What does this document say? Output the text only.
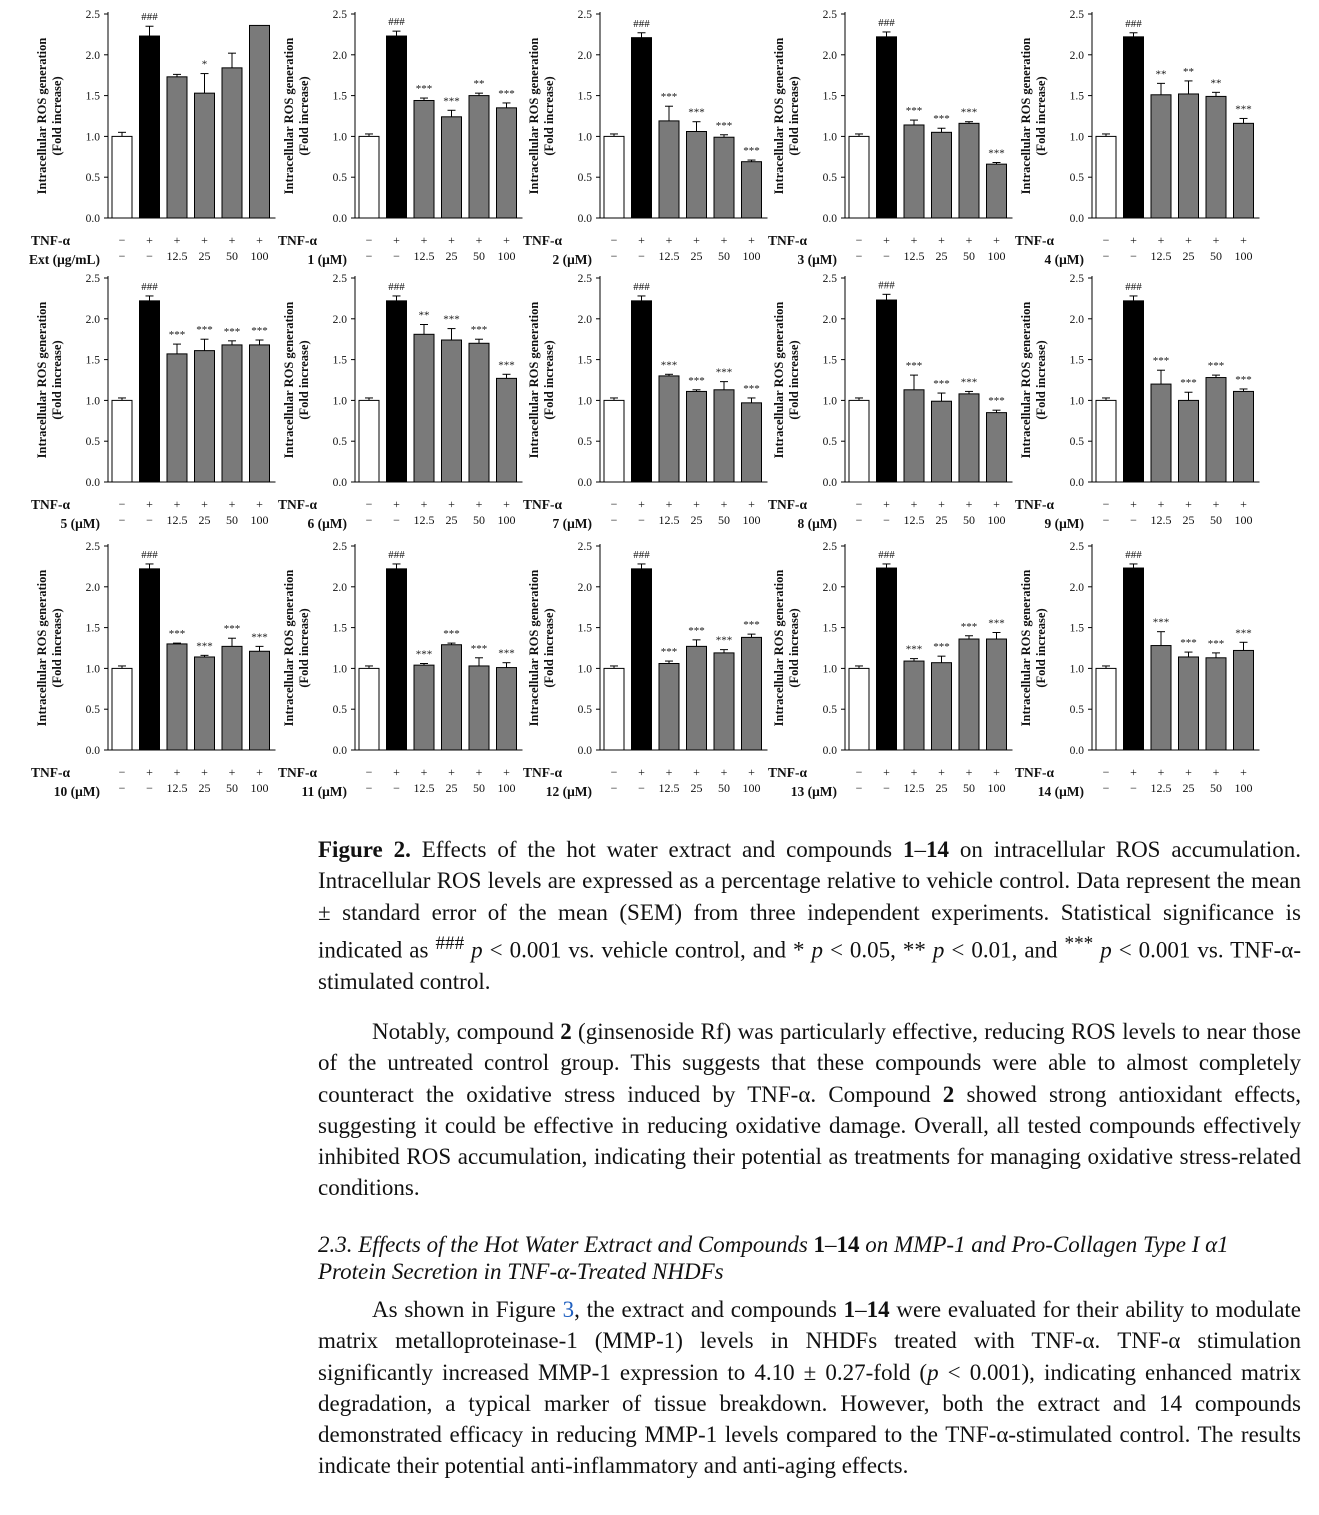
Intracellular ROS generation(Fold increase)
0.0
0.5
1.0
1.5
2.0
2.5
−
−
###
+
−
+
12.5
*
+
25
+
50
+
100
TNF-α
Ext (μg/mL)
Intracellular ROS generation(Fold increase)
0.0
0.5
1.0
1.5
2.0
2.5
−
−
###
+
−
***
+
12.5
***
+
25
**
+
50
***
+
100
TNF-α
1 (μM)
Intracellular ROS generation(Fold increase)
0.0
0.5
1.0
1.5
2.0
2.5
−
−
###
+
−
***
+
12.5
***
+
25
***
+
50
***
+
100
TNF-α
2 (μM)
Intracellular ROS generation(Fold increase)
0.0
0.5
1.0
1.5
2.0
2.5
−
−
###
+
−
***
+
12.5
***
+
25
***
+
50
***
+
100
TNF-α
3 (μM)
Intracellular ROS generation(Fold increase)
0.0
0.5
1.0
1.5
2.0
2.5
−
−
###
+
−
**
+
12.5
**
+
25
**
+
50
***
+
100
TNF-α
4 (μM)
Intracellular ROS generation(Fold increase)
0.0
0.5
1.0
1.5
2.0
2.5
−
−
###
+
−
***
+
12.5
***
+
25
***
+
50
***
+
100
TNF-α
5 (μM)
Intracellular ROS generation(Fold increase)
0.0
0.5
1.0
1.5
2.0
2.5
−
−
###
+
−
**
+
12.5
***
+
25
***
+
50
***
+
100
TNF-α
6 (μM)
Intracellular ROS generation(Fold increase)
0.0
0.5
1.0
1.5
2.0
2.5
−
−
###
+
−
***
+
12.5
***
+
25
***
+
50
***
+
100
TNF-α
7 (μM)
Intracellular ROS generation(Fold increase)
0.0
0.5
1.0
1.5
2.0
2.5
−
−
###
+
−
***
+
12.5
***
+
25
***
+
50
***
+
100
TNF-α
8 (μM)
Intracellular ROS generation(Fold increase)
0.0
0.5
1.0
1.5
2.0
2.5
−
−
###
+
−
***
+
12.5
***
+
25
***
+
50
***
+
100
TNF-α
9 (μM)
Intracellular ROS generation(Fold increase)
0.0
0.5
1.0
1.5
2.0
2.5
−
−
###
+
−
***
+
12.5
***
+
25
***
+
50
***
+
100
TNF-α
10 (μM)
Intracellular ROS generation(Fold increase)
0.0
0.5
1.0
1.5
2.0
2.5
−
−
###
+
−
***
+
12.5
***
+
25
***
+
50
***
+
100
TNF-α
11 (μM)
Intracellular ROS generation(Fold increase)
0.0
0.5
1.0
1.5
2.0
2.5
−
−
###
+
−
***
+
12.5
***
+
25
***
+
50
***
+
100
TNF-α
12 (μM)
Intracellular ROS generation(Fold increase)
0.0
0.5
1.0
1.5
2.0
2.5
−
−
###
+
−
***
+
12.5
***
+
25
***
+
50
***
+
100
TNF-α
13 (μM)
Intracellular ROS generation(Fold increase)
0.0
0.5
1.0
1.5
2.0
2.5
−
−
###
+
−
***
+
12.5
***
+
25
***
+
50
***
+
100
TNF-α
14 (μM)
Figure 2. Effects of the hot water extract and compounds 1–14 on intracellular ROS accumulation. Intracellular ROS levels are expressed as a percentage relative to vehicle control. Data represent the mean ± standard error of the mean (SEM) from three independent experiments. Statistical significance is indicated as ### p < 0.001 vs. vehicle control, and * p < 0.05, ** p < 0.01, and *** p < 0.001 vs. TNF-α-stimulated control.
Notably, compound 2 (ginsenoside Rf) was particularly effective, reducing ROS levels to near those of the untreated control group. This suggests that these compounds were able to almost completely counteract the oxidative stress induced by TNF-α. Compound 2 showed strong antioxidant effects, suggesting it could be effective in reducing oxidative damage. Overall, all tested compounds effectively inhibited ROS accumulation, indicating their potential as treatments for managing oxidative stress-related conditions.
2.3. Effects of the Hot Water Extract and Compounds 1–14 on MMP-1 and Pro-Collagen Type I α1 Protein Secretion in TNF-α-Treated NHDFs
As shown in Figure 3, the extract and compounds 1–14 were evaluated for their ability to modulate matrix metalloproteinase-1 (MMP-1) levels in NHDFs treated with TNF-α. TNF-α stimulation significantly increased MMP-1 expression to 4.10 ± 0.27-fold (p < 0.001), indicating enhanced matrix degradation, a typical marker of tissue breakdown. However, both the extract and 14 compounds demonstrated efficacy in reducing MMP-1 levels compared to the TNF-α-stimulated control. The results indicate their potential anti-inflammatory and anti-aging effects.
